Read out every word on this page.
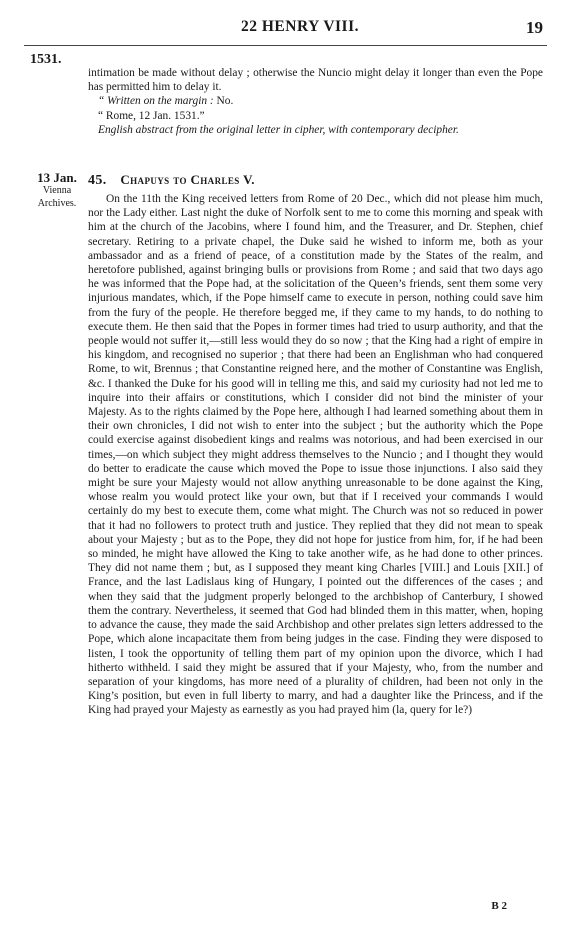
22 HENRY VIII.	19
1531.

intimation be made without delay ; otherwise the Nuncio might delay it longer than even the Pope has permitted him to delay it.

“ Written on the margin : No.

“ Rome, 12 Jan. 1531.”

English abstract from the original letter in cipher, with contemporary decipher.

13 Jan.
Vienna Archives.
45. Chapuys to Charles V.

On the 11th the King received letters from Rome of 20 Dec., which did not please him much, nor the Lady either. Last night the duke of Norfolk sent to me to come this morning and speak with him at the church of the Jacobins, where I found him, and the Treasurer, and Dr. Stephen, chief secretary. Retiring to a private chapel, the Duke said he wished to inform me, both as your ambassador and as a friend of peace, of a constitution made by the States of the realm, and heretofore published, against bringing bulls or provisions from Rome ; and said that two days ago he was informed that the Pope had, at the solicitation of the Queen’s friends, sent them some very injurious mandates, which, if the Pope himself came to execute in person, nothing could save him from the fury of the people. He therefore begged me, if they came to my hands, to do nothing to execute them. He then said that the Popes in former times had tried to usurp authority, and that the people would not suffer it,—still less would they do so now ; that the King had a right of empire in his kingdom, and recognised no superior ; that there had been an Englishman who had conquered Rome, to wit, Brennus ; that Constantine reigned here, and the mother of Constantine was English, &c. I thanked the Duke for his good will in telling me this, and said my curiosity had not led me to inquire into their affairs or constitutions, which I consider did not bind the minister of your Majesty. As to the rights claimed by the Pope here, although I had learned something about them in their own chronicles, I did not wish to enter into the subject ; but the authority which the Pope could exercise against disobedient kings and realms was notorious, and had been exercised in our times,—on which subject they might address themselves to the Nuncio ; and I thought they would do better to eradicate the cause which moved the Pope to issue those injunctions. I also said they might be sure your Majesty would not allow anything unreasonable to be done against the King, whose realm you would protect like your own, but that if I received your commands I would certainly do my best to execute them, come what might. The Church was not so reduced in power that it had no followers to protect truth and justice. They replied that they did not mean to speak about your Majesty ; but as to the Pope, they did not hope for justice from him, for, if he had been so minded, he might have allowed the King to take another wife, as he had done to other princes. They did not name them ; but, as I supposed they meant king Charles [VIII.] and Louis [XII.] of France, and the last Ladislaus king of Hungary, I pointed out the differences of the cases ; and when they said that the judgment properly belonged to the archbishop of Canterbury, I showed them the contrary. Nevertheless, it seemed that God had blinded them in this matter, when, hoping to advance the cause, they made the said Archbishop and other prelates sign letters addressed to the Pope, which alone incapacitate them from being judges in the case. Finding they were disposed to listen, I took the opportunity of telling them part of my opinion upon the divorce, which I had hitherto withheld. I said they might be assured that if your Majesty, who, from the number and separation of your kingdoms, has more need of a plurality of children, had been not only in the King’s position, but even in full liberty to marry, and had a daughter like the Princess, and if the King had prayed your Majesty as earnestly as you had prayed him (la, query for le?)

B 2
